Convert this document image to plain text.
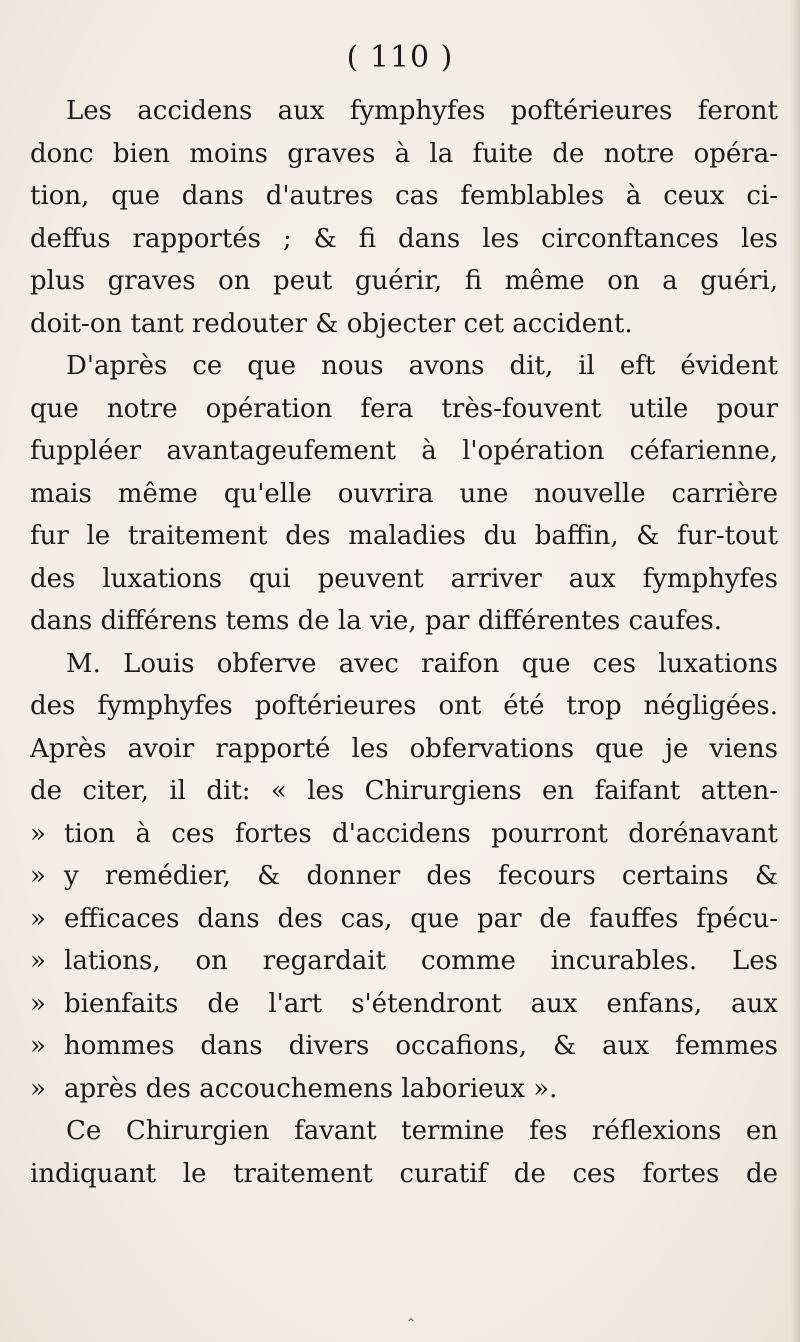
( 110 )
Les accidens aux fymphyfes poftérieures feront
donc bien moins graves à la fuite de notre opéra-
tion, que dans d'autres cas femblables à ceux ci-
deffus rapportés ; & fi dans les circonftances les
plus graves on peut guérir, fi même on a guéri,
doit-on tant redouter & objecter cet accident.
D'après ce que nous avons dit, il eft évident
que notre opération fera très-fouvent utile pour
fuppléer avantageufement à l'opération céfarienne,
mais même qu'elle ouvrira une nouvelle carrière
fur le traitement des maladies du baffin, & fur-tout
des luxations qui peuvent arriver aux fymphyfes
dans différens tems de la vie, par différentes caufes.
M. Louis obferve avec raifon que ces luxations
des fymphyfes poftérieures ont été trop négligées.
Après avoir rapporté les obfervations que je viens
de citer, il dit: « les Chirurgiens en faifant atten-
» tion à ces fortes d'accidens pourront dorénavant
» y remédier, & donner des fecours certains &
» efficaces dans des cas, que par de fauffes fpécu-
» lations, on regardait comme incurables. Les
» bienfaits de l'art s'étendront aux enfans, aux
» hommes dans divers occafions, & aux femmes
» après des accouchemens laborieux ».
Ce Chirurgien favant termine fes réflexions en
indiquant le traitement curatif de ces fortes de
⌃
